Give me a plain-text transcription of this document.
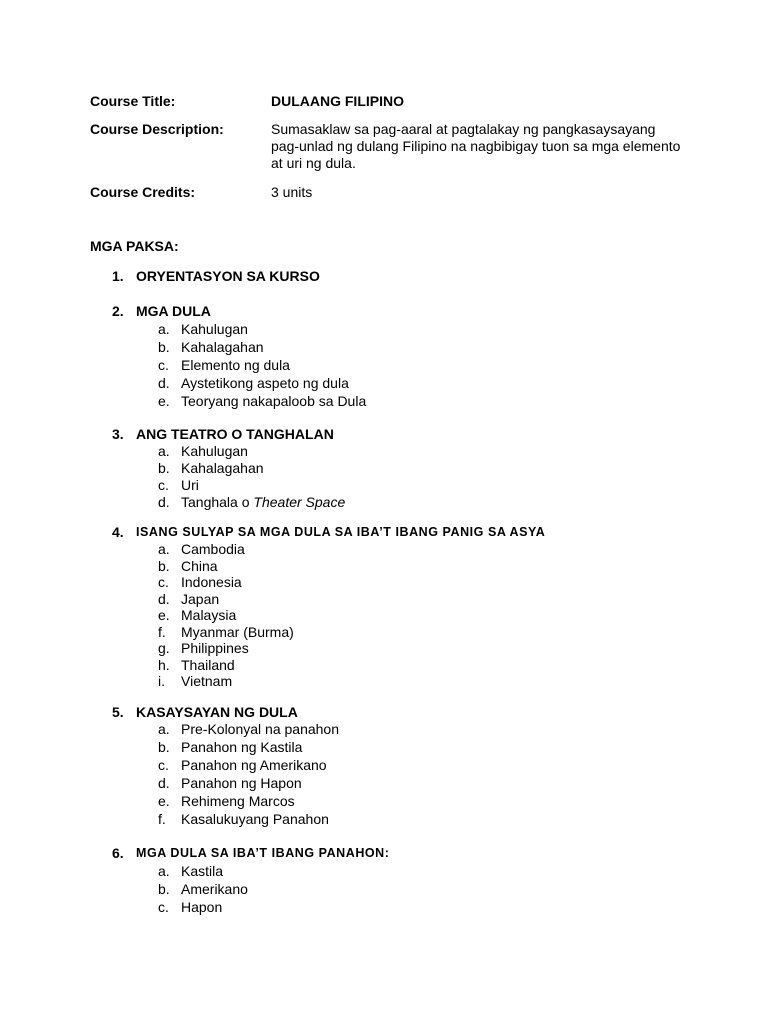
Course Title:	DULAANG FILIPINO
Course Description:	Sumasaklaw sa pag-aaral at pagtalakay ng pangkasaysayang pag-unlad ng dulang Filipino na nagbibigay tuon sa mga elemento at uri ng dula.
Course Credits:	3 units
MGA PAKSA:
1. ORYENTASYON SA KURSO
2. MGA DULA
a. Kahulugan
b. Kahalagahan
c. Elemento ng dula
d. Aystetikong aspeto ng dula
e. Teoryang nakapaloob sa Dula
3. ANG TEATRO O TANGHALAN
a. Kahulugan
b. Kahalagahan
c. Uri
d. Tanghala o Theater Space
4. ISANG SULYAP SA MGA DULA SA IBA’T IBANG PANIG SA ASYA
a. Cambodia
b. China
c. Indonesia
d. Japan
e. Malaysia
f. Myanmar (Burma)
g. Philippines
h. Thailand
i. Vietnam
5. KASAYSAYAN NG DULA
a. Pre-Kolonyal na panahon
b. Panahon ng Kastila
c. Panahon ng Amerikano
d. Panahon ng Hapon
e. Rehimeng Marcos
f. Kasalukuyang Panahon
6. MGA DULA SA IBA’T IBANG PANAHON:
a. Kastila
b. Amerikano
c. Hapon
